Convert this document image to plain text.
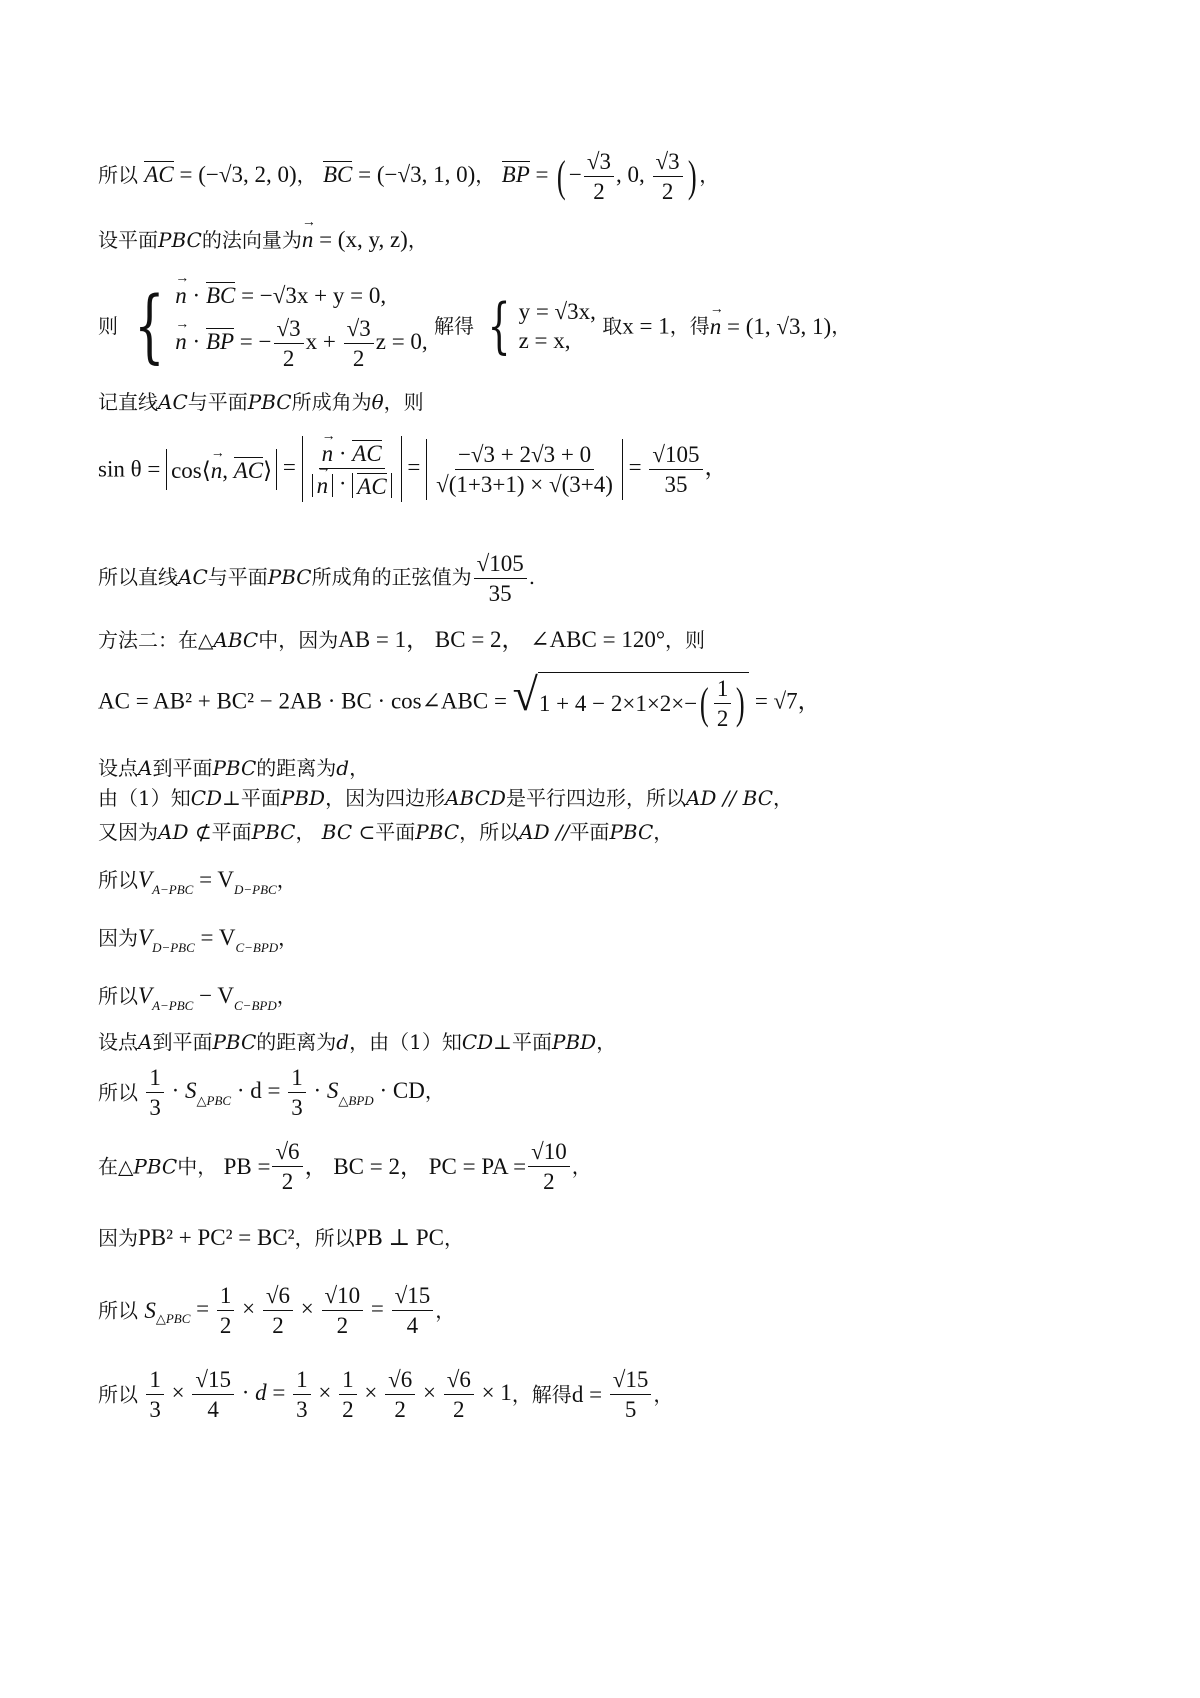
所以 AC = (−√3, 2, 0)， BC = (−√3, 1, 0)， BP = ( − $\frac{√3}{2}$ , 0, $\frac{√3}{2}$ ) ，
设平面PBC的法向量为→ n = (x, y, z)，
则 { → n · BC = −√3x + y = 0,
→ n · BP = − $\frac{√3}{2}$ $x + \frac{√3}{2}$ z = 0,
解得 { y = √3x,
z = x,
取x = 1，得→ n = (1, √3, 1)，
记直线AC与平面PBC所成角为θ，则
sin θ = cos⟨→ n, AC⟩ = → n · AC
→ n · AC = $\frac{-√3 + 2√3 + 0}{√(1+3+1) \times √(3+4)} = \frac{√105}{35}$ ，
所以直线AC与平面PBC所成角的正弦值为 $\frac{√105}{35}$ .
方法二：在△ABC中，因为AB = 1， BC = 2， ∠ABC = 120°，则
AC = AB² + BC² − 2AB · BC · cos∠ABC = √ $1 + 4 - 2\times 1\times 2\times-( \frac{1}{2}$ ) = √7，
设点A到平面PBC的距离为d，
由（1）知CD⊥平面PBD，因为四边形ABCD是平行四边形，所以AD // BC，
又因为AD ⊄平面PBC， BC ⊂平面PBC，所以AD //平面PBC，
所以$V_{A-PBC} = V_{D-PBC}$，
因为$V_{D-PBC} = V_{C-BPD}$，
所以$V_{A-PBC} - V_{C-BPD}$，
设点A到平面PBC的距离为d，由（1）知CD⊥平面PBD，
所以 $\frac{1}{3} \cdot S_{\triangle PBC} \cdot d = \frac{1}{3} \cdot S_{\triangle BPD}$ · CD，
在△PBC中， PB = $\frac{√6}{2}$ ， BC = 2， PC = PA = $\frac{√10}{2}$ ，
因为PB² + PC² = BC²，所以PB ⊥ PC，
所以 $S_{\triangle PBC} = \frac{1}{2} \times \frac{√6}{2} \times \frac{√10}{2} = \frac{√15}{4}$ ，
所以 $\frac{1}{3} \times \frac{√15}{4} \cdot d = \frac{1}{3} \times \frac{1}{2} \times \frac{√6}{2} \times \frac{√6}{2} \times 1$，解得$d = \frac{√15}{5}$ ，
